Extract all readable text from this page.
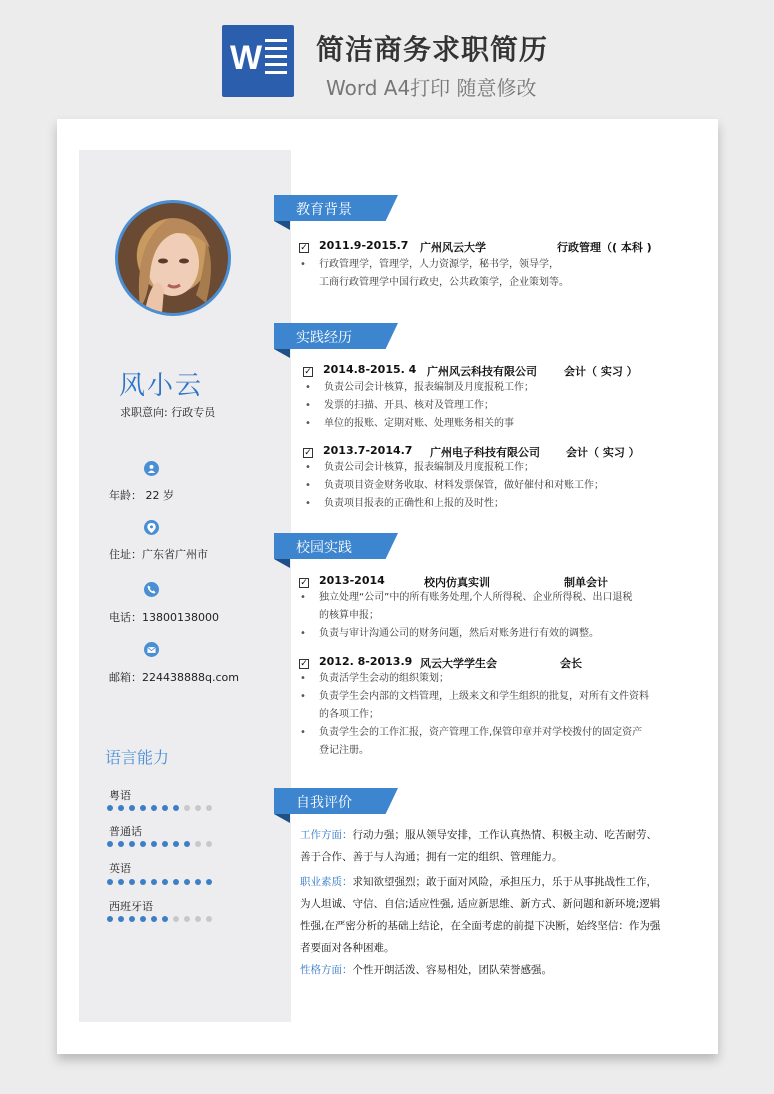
W 简洁商务求职简历
Word A4打印 随意修改
风小云
求职意向: 行政专员
年龄： 22 岁
住址：广东省广州市
电话：13800138000
邮箱：224438888q.com
语言能力
粤语
普通话
英语
西班牙语
教育背景
✓ 2011.9-2015.7 广州风云大学	行政管理（( 本科 )
• 行政管理学，管理学，人力资源学，秘书学，领导学，
工商行政管理学中国行政史，公共政策学，企业策划等。
实践经历
✓ 2014.8-2015. 4 广州风云科技有限公司 会计（ 实习 ）
• 负责公司会计核算，报表编制及月度报税工作；
• 发票的扫描、开具、核对及管理工作；
• 单位的报账、定期对账、处理账务相关的事
✓ 2013.7-2014.7 广州电子科技有限公司 会计（ 实习 ）
• 负责公司会计核算，报表编制及月度报税工作；
• 负责项目资金财务收取、材料发票保管，做好催付和对账工作；
• 负责项目报表的正确性和上报的及时性；
校园实践
✓ 2013-2014	校内仿真实训	制单会计
• 独立处理“公司”中的所有账务处理,个人所得税、企业所得税、出口退税
的核算申报；
• 负责与审计沟通公司的财务问题，然后对账务进行有效的调整。
✓ 2012. 8-2013.9 风云大学学生会	会长
• 负责活学生会动的组织策划；
• 负责学生会内部的文档管理，上级来文和学生组织的批复，对所有文件资料
的各项工作；
• 负责学生会的工作汇报，资产管理工作,保管印章并对学校拨付的固定资产
登记注册。
自我评价
工作方面：行动力强；服从领导安排，工作认真热情、积极主动、吃苦耐劳、善于合作、善于与人沟通；拥有一定的组织、管理能力。
职业素质：求知欲望强烈；敢于面对风险，承担压力，乐于从事挑战性工作，为人坦诚、守信、自信;适应性强, 适应新思维、新方式、新问题和新环境;逻辑性强,在严密分析的基础上结论，在全面考虑的前提下决断，始终坚信：作为强者要面对各种困难。
性格方面：个性开朗活泼、容易相处，团队荣誉感强。
